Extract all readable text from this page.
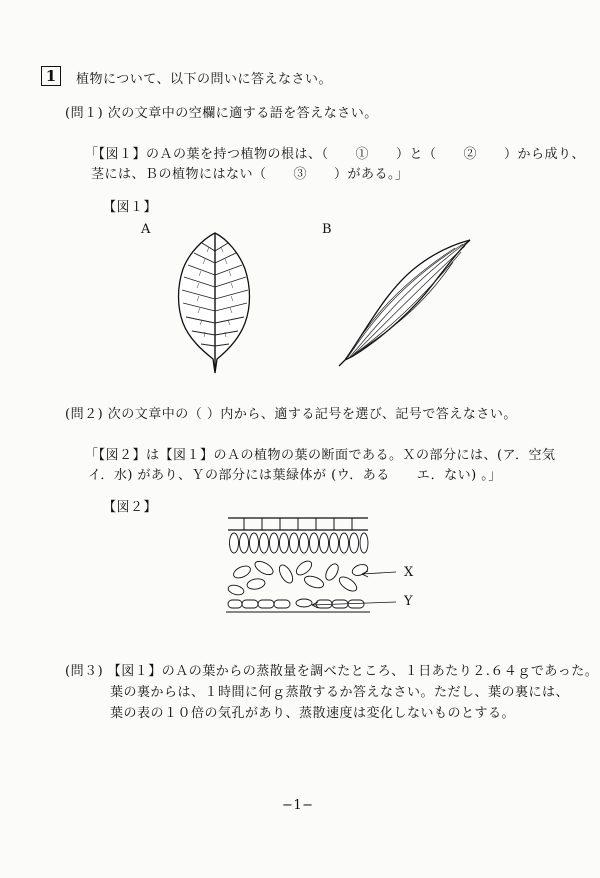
1	植物について、以下の問いに答えなさい。
(問１) 次の文章中の空欄に適する語を答えなさい。
「【図１】のＡの葉を持つ植物の根は、（　　①　　）と（　　②　　）から成り、
茎には、Ｂの植物にはない（　　③　　）がある。」
【図１】
A	B
(問２) 次の文章中の（ ）内から、適する記号を選び、記号で答えなさい。
「【図２】は【図１】のＡの植物の葉の断面である。Ｘの部分には、(ア．空気
イ．水) があり、Ｙの部分には葉緑体が (ウ．ある　　エ．ない) 。」
【図２】
X
Y
(問３) 【図１】のＡの葉からの蒸散量を調べたところ、１日あたり２.６４ｇであった。
葉の裏からは、１時間に何ｇ蒸散するか答えなさい。ただし、葉の裏には、
葉の表の１０倍の気孔があり、蒸散速度は変化しないものとする。
−1−
